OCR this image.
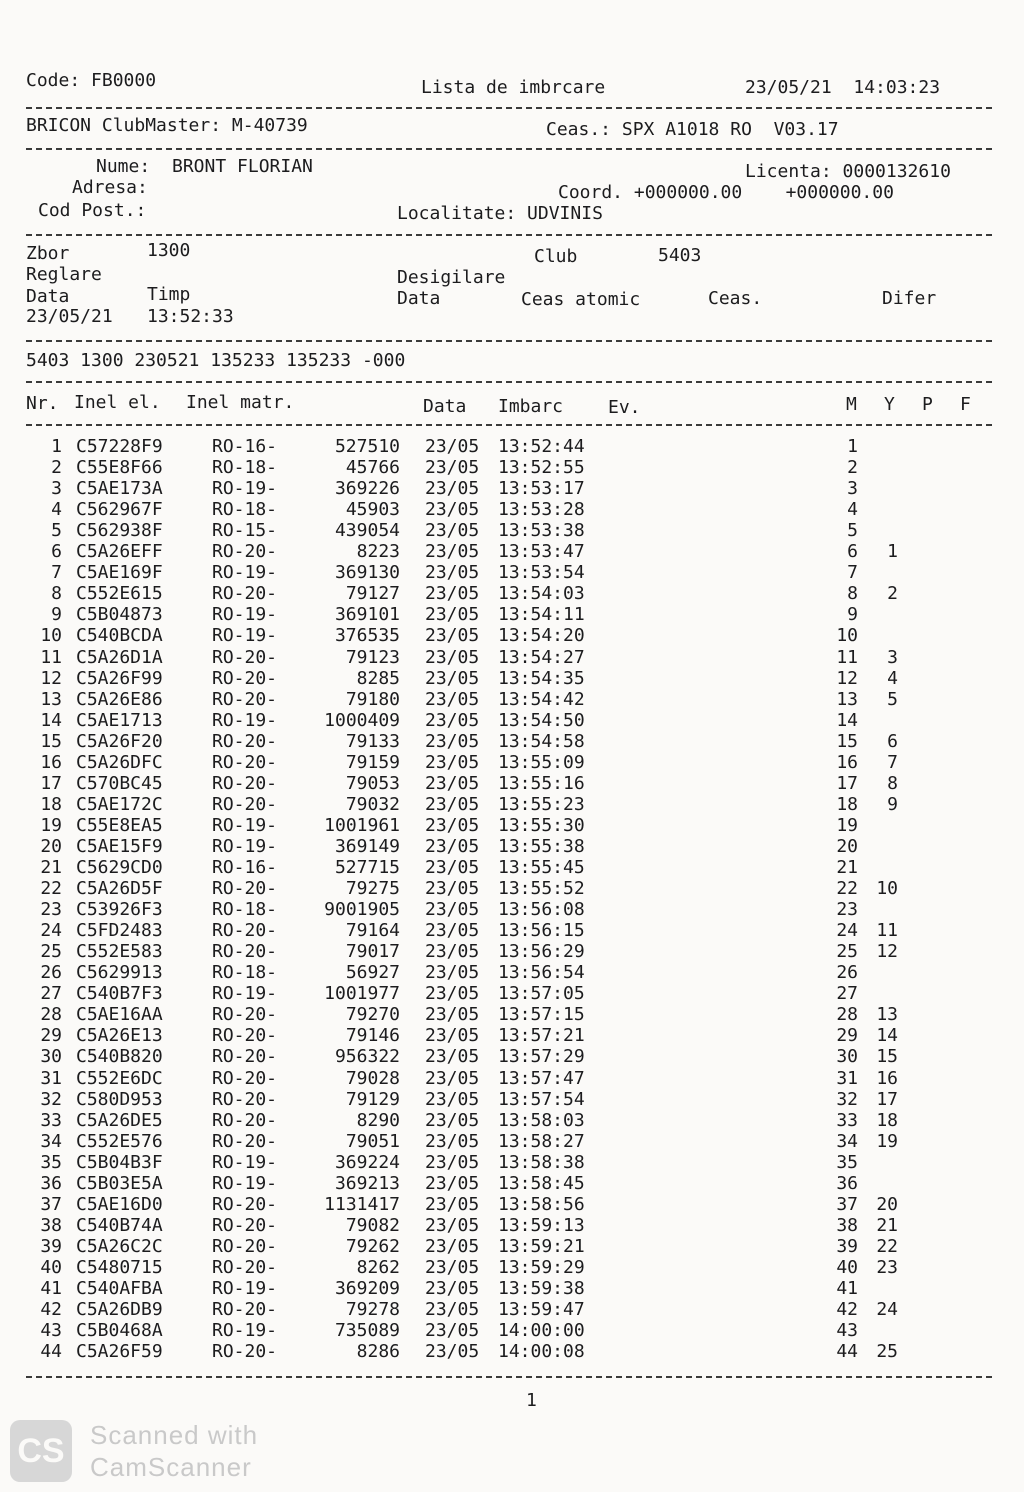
Code: FB0000	Lista de imbrcare	23/05/21  14:03:23
BRICON ClubMaster: M-40739	Ceas.: SPX A1018 RO  V03.17
Nume: BRONT FLORIAN	Licenta: 0000132610
Adresa:	Coord. +000000.00    +000000.00
Cod Post.:	Localitate: UDVINIS
Zbor	1300	Club	5403
Reglare	Desigilare
Data	Timp	Data	Ceas atomic	Ceas.	Difer
23/05/21 13:52:33
5403 1300 230521 135233 135233 -000
Nr. Inel el. Inel matr.	Data Imbarc Ev.	M Y P F
1 C57228F9	RO-16-	527510 23/05 13:52:44	1
2 C55E8F66	RO-18-	45766 23/05 13:52:55	2
3 C5AE173A	RO-19-	369226 23/05 13:53:17	3
4 C562967F	RO-18-	45903 23/05 13:53:28	4
5 C562938F	RO-15-	439054 23/05 13:53:38	5
6 C5A26EFF	RO-20-	8223 23/05 13:53:47	6	1
7 C5AE169F	RO-19-	369130 23/05 13:53:54	7
8 C552E615	RO-20-	79127 23/05 13:54:03	8	2
9 C5B04873	RO-19-	369101 23/05 13:54:11	9
10 C540BCDA	RO-19-	376535 23/05 13:54:20	10
11 C5A26D1A	RO-20-	79123 23/05 13:54:27	11	3
12 C5A26F99	RO-20-	8285 23/05 13:54:35	12	4
13 C5A26E86	RO-20-	79180 23/05 13:54:42	13	5
14 C5AE1713	RO-19-	1000409 23/05 13:54:50	14
15 C5A26F20	RO-20-	79133 23/05 13:54:58	15	6
16 C5A26DFC	RO-20-	79159 23/05 13:55:09	16	7
17 C570BC45	RO-20-	79053 23/05 13:55:16	17	8
18 C5AE172C	RO-20-	79032 23/05 13:55:23	18	9
19 C55E8EA5	RO-19-	1001961 23/05 13:55:30	19
20 C5AE15F9	RO-19-	369149 23/05 13:55:38	20
21 C5629CD0	RO-16-	527715 23/05 13:55:45	21
22 C5A26D5F	RO-20-	79275 23/05 13:55:52	22	10
23 C53926F3	RO-18-	9001905 23/05 13:56:08	23
24 C5FD2483	RO-20-	79164 23/05 13:56:15	24	11
25 C552E583	RO-20-	79017 23/05 13:56:29	25	12
26 C5629913	RO-18-	56927 23/05 13:56:54	26
27 C540B7F3	RO-19-	1001977 23/05 13:57:05	27
28 C5AE16AA	RO-20-	79270 23/05 13:57:15	28	13
29 C5A26E13	RO-20-	79146 23/05 13:57:21	29	14
30 C540B820	RO-20-	956322 23/05 13:57:29	30	15
31 C552E6DC	RO-20-	79028 23/05 13:57:47	31	16
32 C580D953	RO-20-	79129 23/05 13:57:54	32	17
33 C5A26DE5	RO-20-	8290 23/05 13:58:03	33	18
34 C552E576	RO-20-	79051 23/05 13:58:27	34	19
35 C5B04B3F	RO-19-	369224 23/05 13:58:38	35
36 C5B03E5A	RO-19-	369213 23/05 13:58:45	36
37 C5AE16D0	RO-20-	1131417 23/05 13:58:56	37	20
38 C540B74A	RO-20-	79082 23/05 13:59:13	38	21
39 C5A26C2C	RO-20-	79262 23/05 13:59:21	39	22
40 C5480715	RO-20-	8262 23/05 13:59:29	40	23
41 C540AFBA	RO-19-	369209 23/05 13:59:38	41
42 C5A26DB9	RO-20-	79278 23/05 13:59:47	42	24
43 C5B0468A	RO-19-	735089 23/05 14:00:00	43
44 C5A26F59	RO-20-	8286 23/05 14:00:08	44	25
1
CS Scanned with
CamScanner
